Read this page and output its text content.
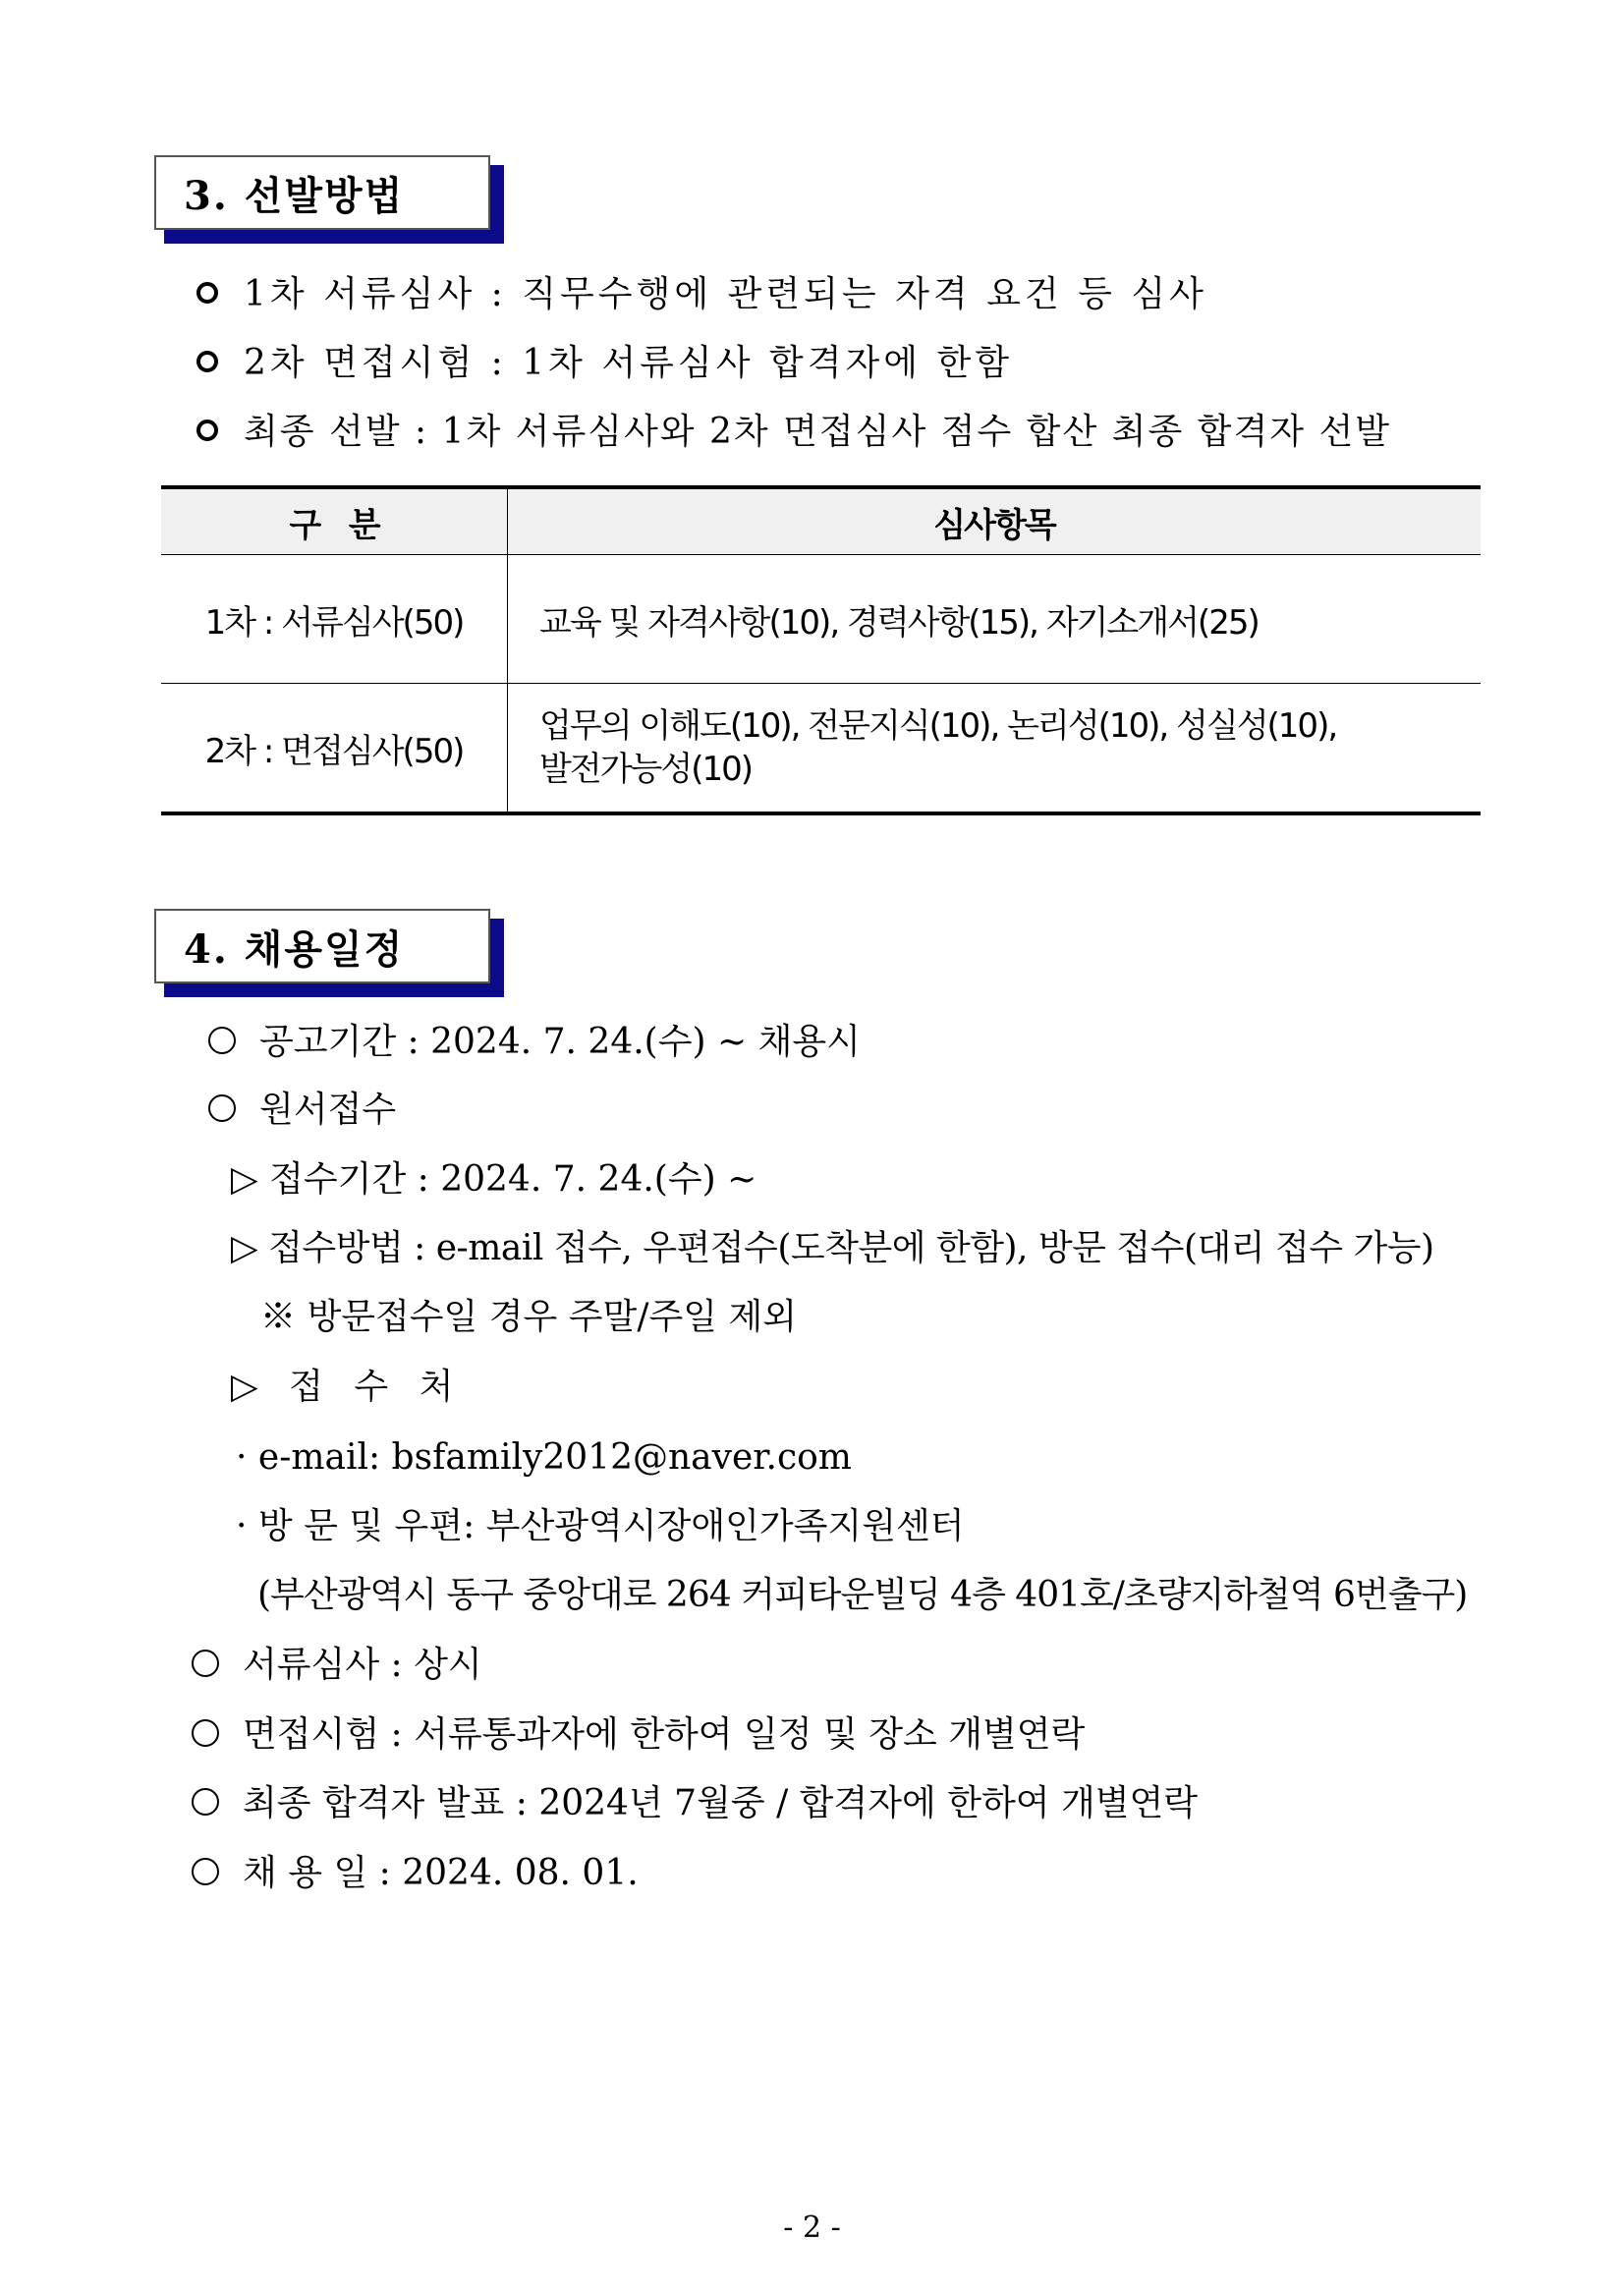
3. 선발방법
1차 서류심사 : 직무수행에 관련되는 자격 요건 등 심사
2차 면접시험 : 1차 서류심사 합격자에 한함
최종 선발 : 1차 서류심사와 2차 면접심사 점수 합산 최종 합격자 선발
구   분	심사항목
1차 : 서류심사(50)	교육 및 자격사항(10), 경력사항(15), 자기소개서(25)
2차 : 면접심사(50)	업무의 이해도(10), 전문지식(10), 논리성(10), 성실성(10),
발전가능성(10)
4. 채용일정
공고기간 : 2024. 7. 24.(수) ~ 채용시
원서접수
▷ 접수기간 : 2024. 7. 24.(수) ~
▷ 접수방법 : e-mail 접수, 우편접수(도착분에 한함), 방문 접수(대리 접수 가능)
※ 방문접수일 경우 주말/주일 제외
▷ 접 수 처
· e-mail: bsfamily2012@naver.com
· 방 문 및 우편: 부산광역시장애인가족지원센터
(부산광역시 동구 중앙대로 264 커피타운빌딩 4층 401호/초량지하철역 6번출구)
서류심사 : 상시
면접시험 : 서류통과자에 한하여 일정 및 장소 개별연락
최종 합격자 발표 : 2024년 7월중 / 합격자에 한하여 개별연락
채 용 일 : 2024. 08. 01.
- 2 -
